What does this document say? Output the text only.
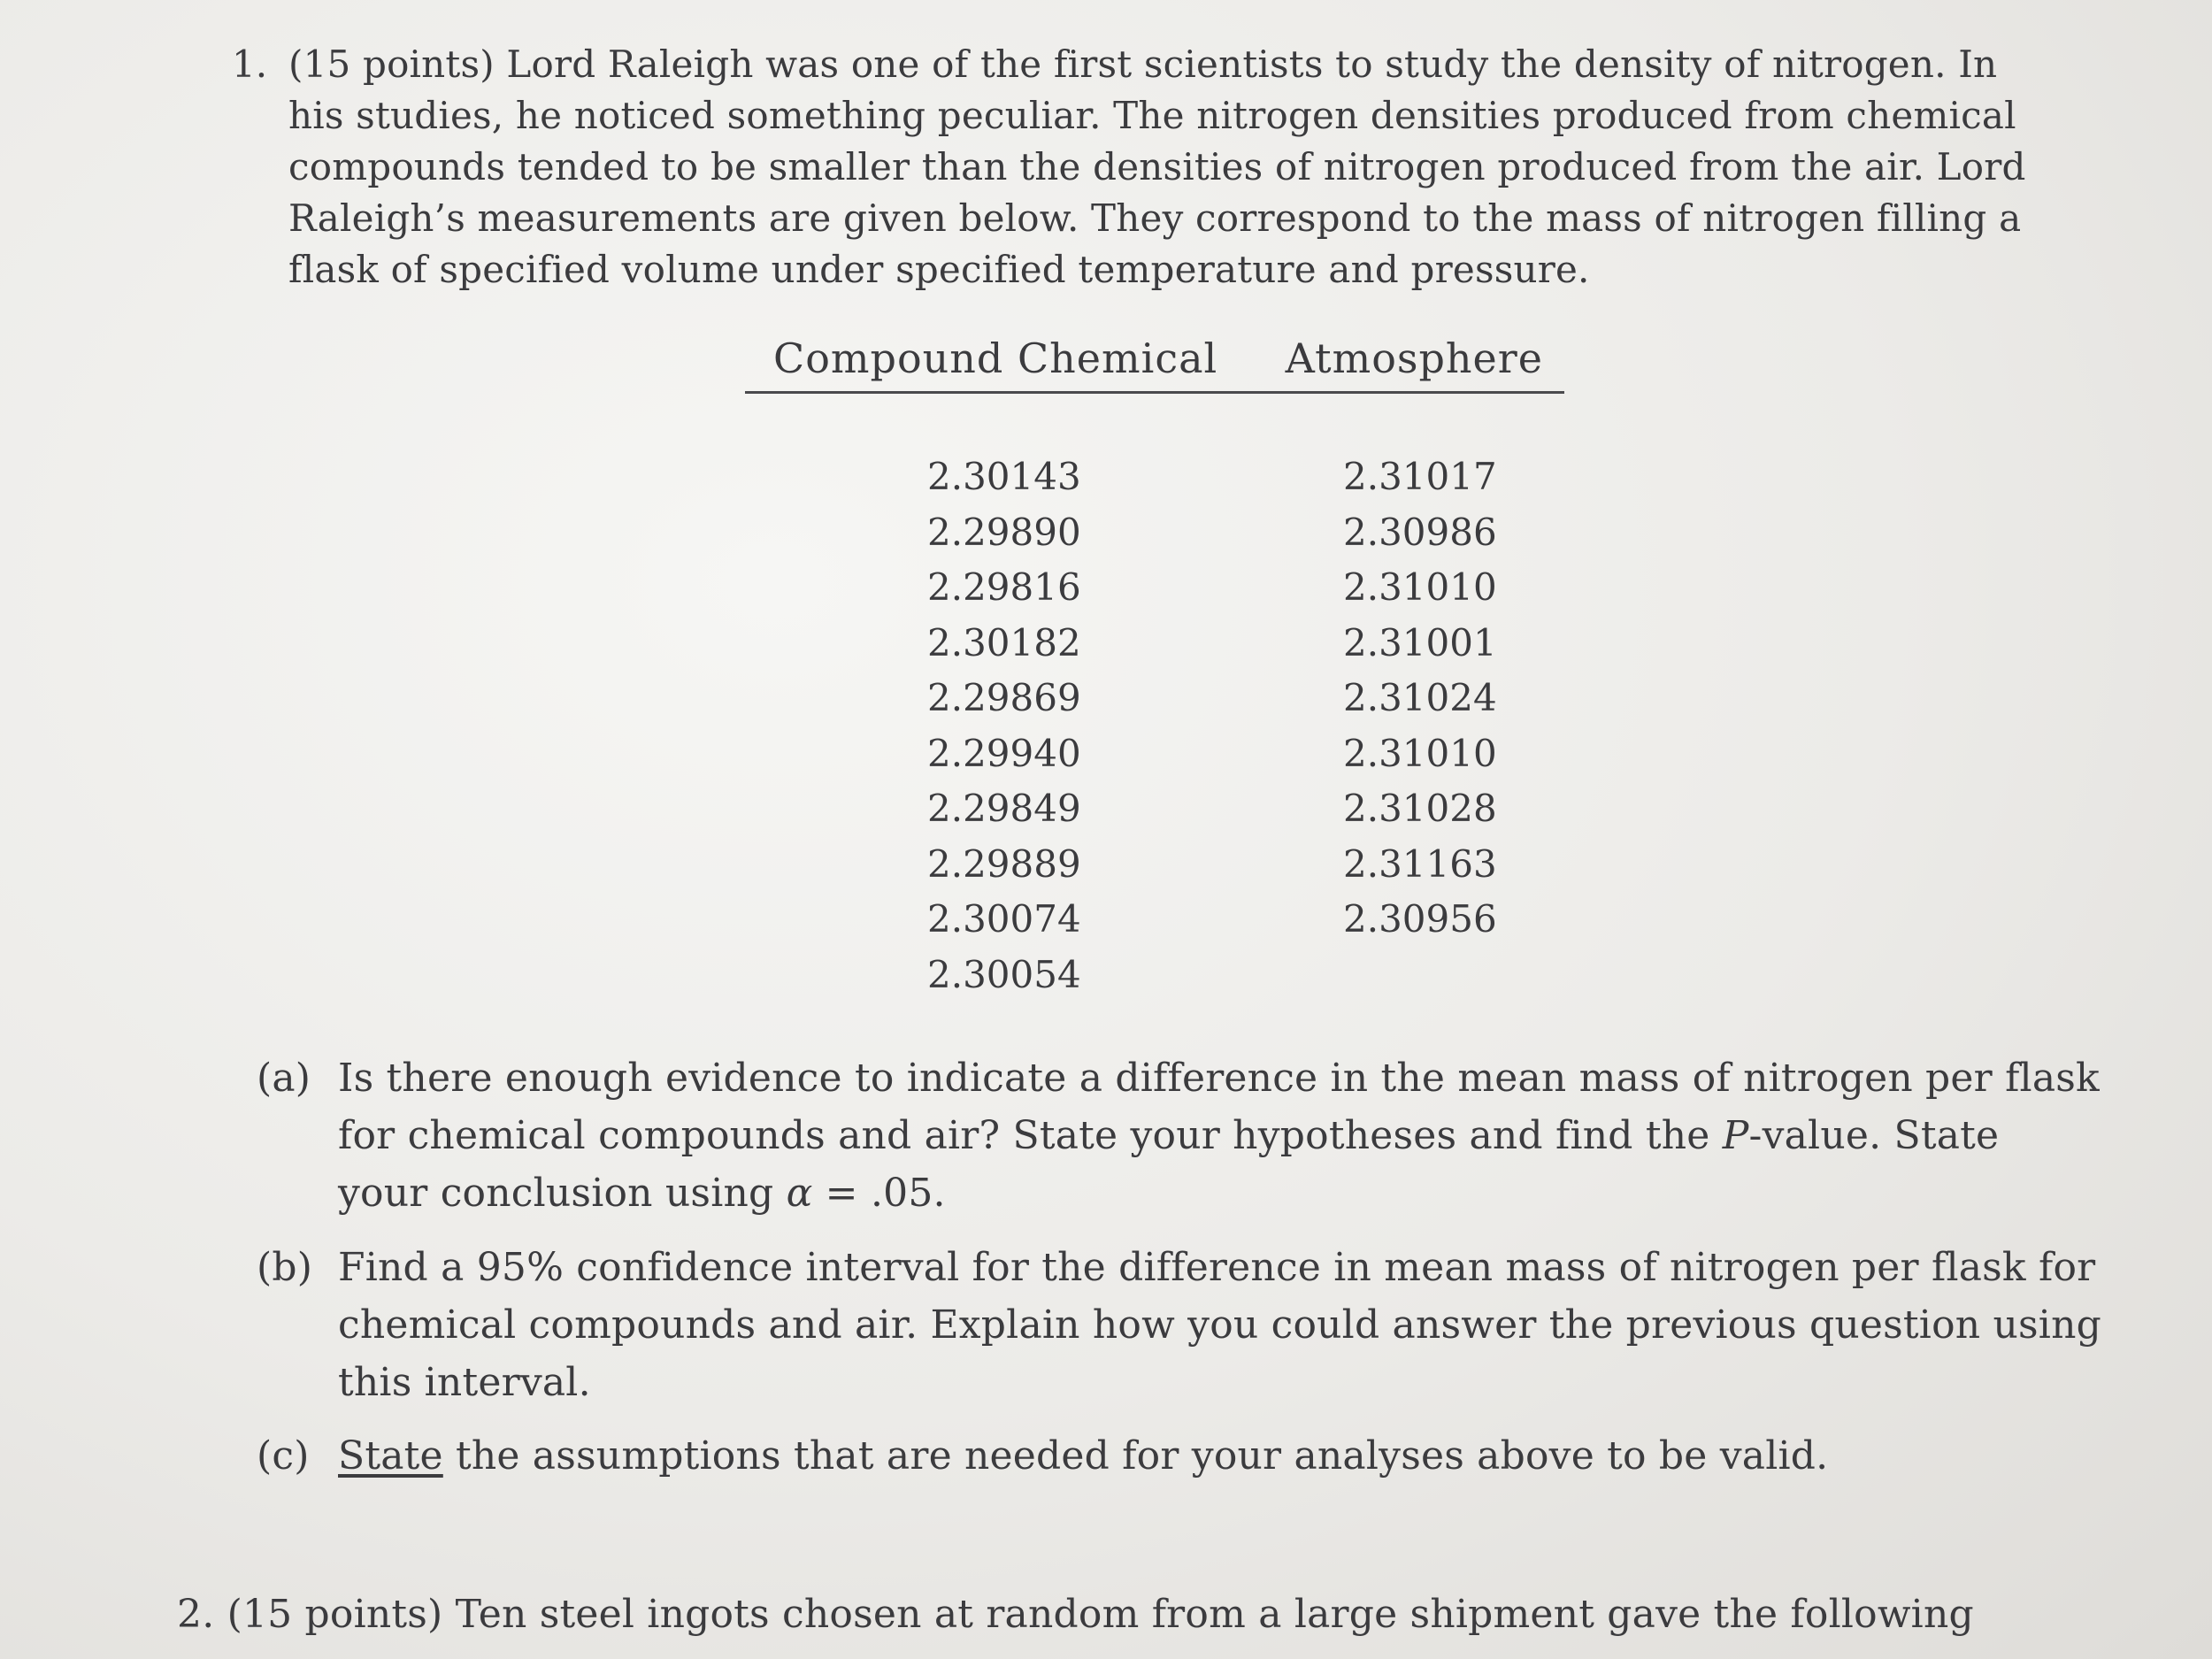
1. (15 points) Lord Raleigh was one of the first scientists to study the density of nitrogen. In
his studies, he noticed something peculiar. The nitrogen densities produced from chemical
compounds tended to be smaller than the densities of nitrogen produced from the air. Lord
Raleigh’s measurements are given below. They correspond to the mass of nitrogen filling a
flask of specified volume under specified temperature and pressure.
Compound Chemical Atmosphere
2.30143
2.29890
2.29816
2.30182
2.29869
2.29940
2.29849
2.29889
2.30074
2.30054
2.31017
2.30986
2.31010
2.31001
2.31024
2.31010
2.31028
2.31163
2.30956
(a) Is there enough evidence to indicate a difference in the mean mass of nitrogen per flask
for chemical compounds and air? State your hypotheses and find the P-value. State
your conclusion using α = .05.
(b) Find a 95% confidence interval for the difference in mean mass of nitrogen per flask for
chemical compounds and air. Explain how you could answer the previous question using
this interval.
(c) State the assumptions that are needed for your analyses above to be valid.
2. (15 points) Ten steel ingots chosen at random from a large shipment gave the following
